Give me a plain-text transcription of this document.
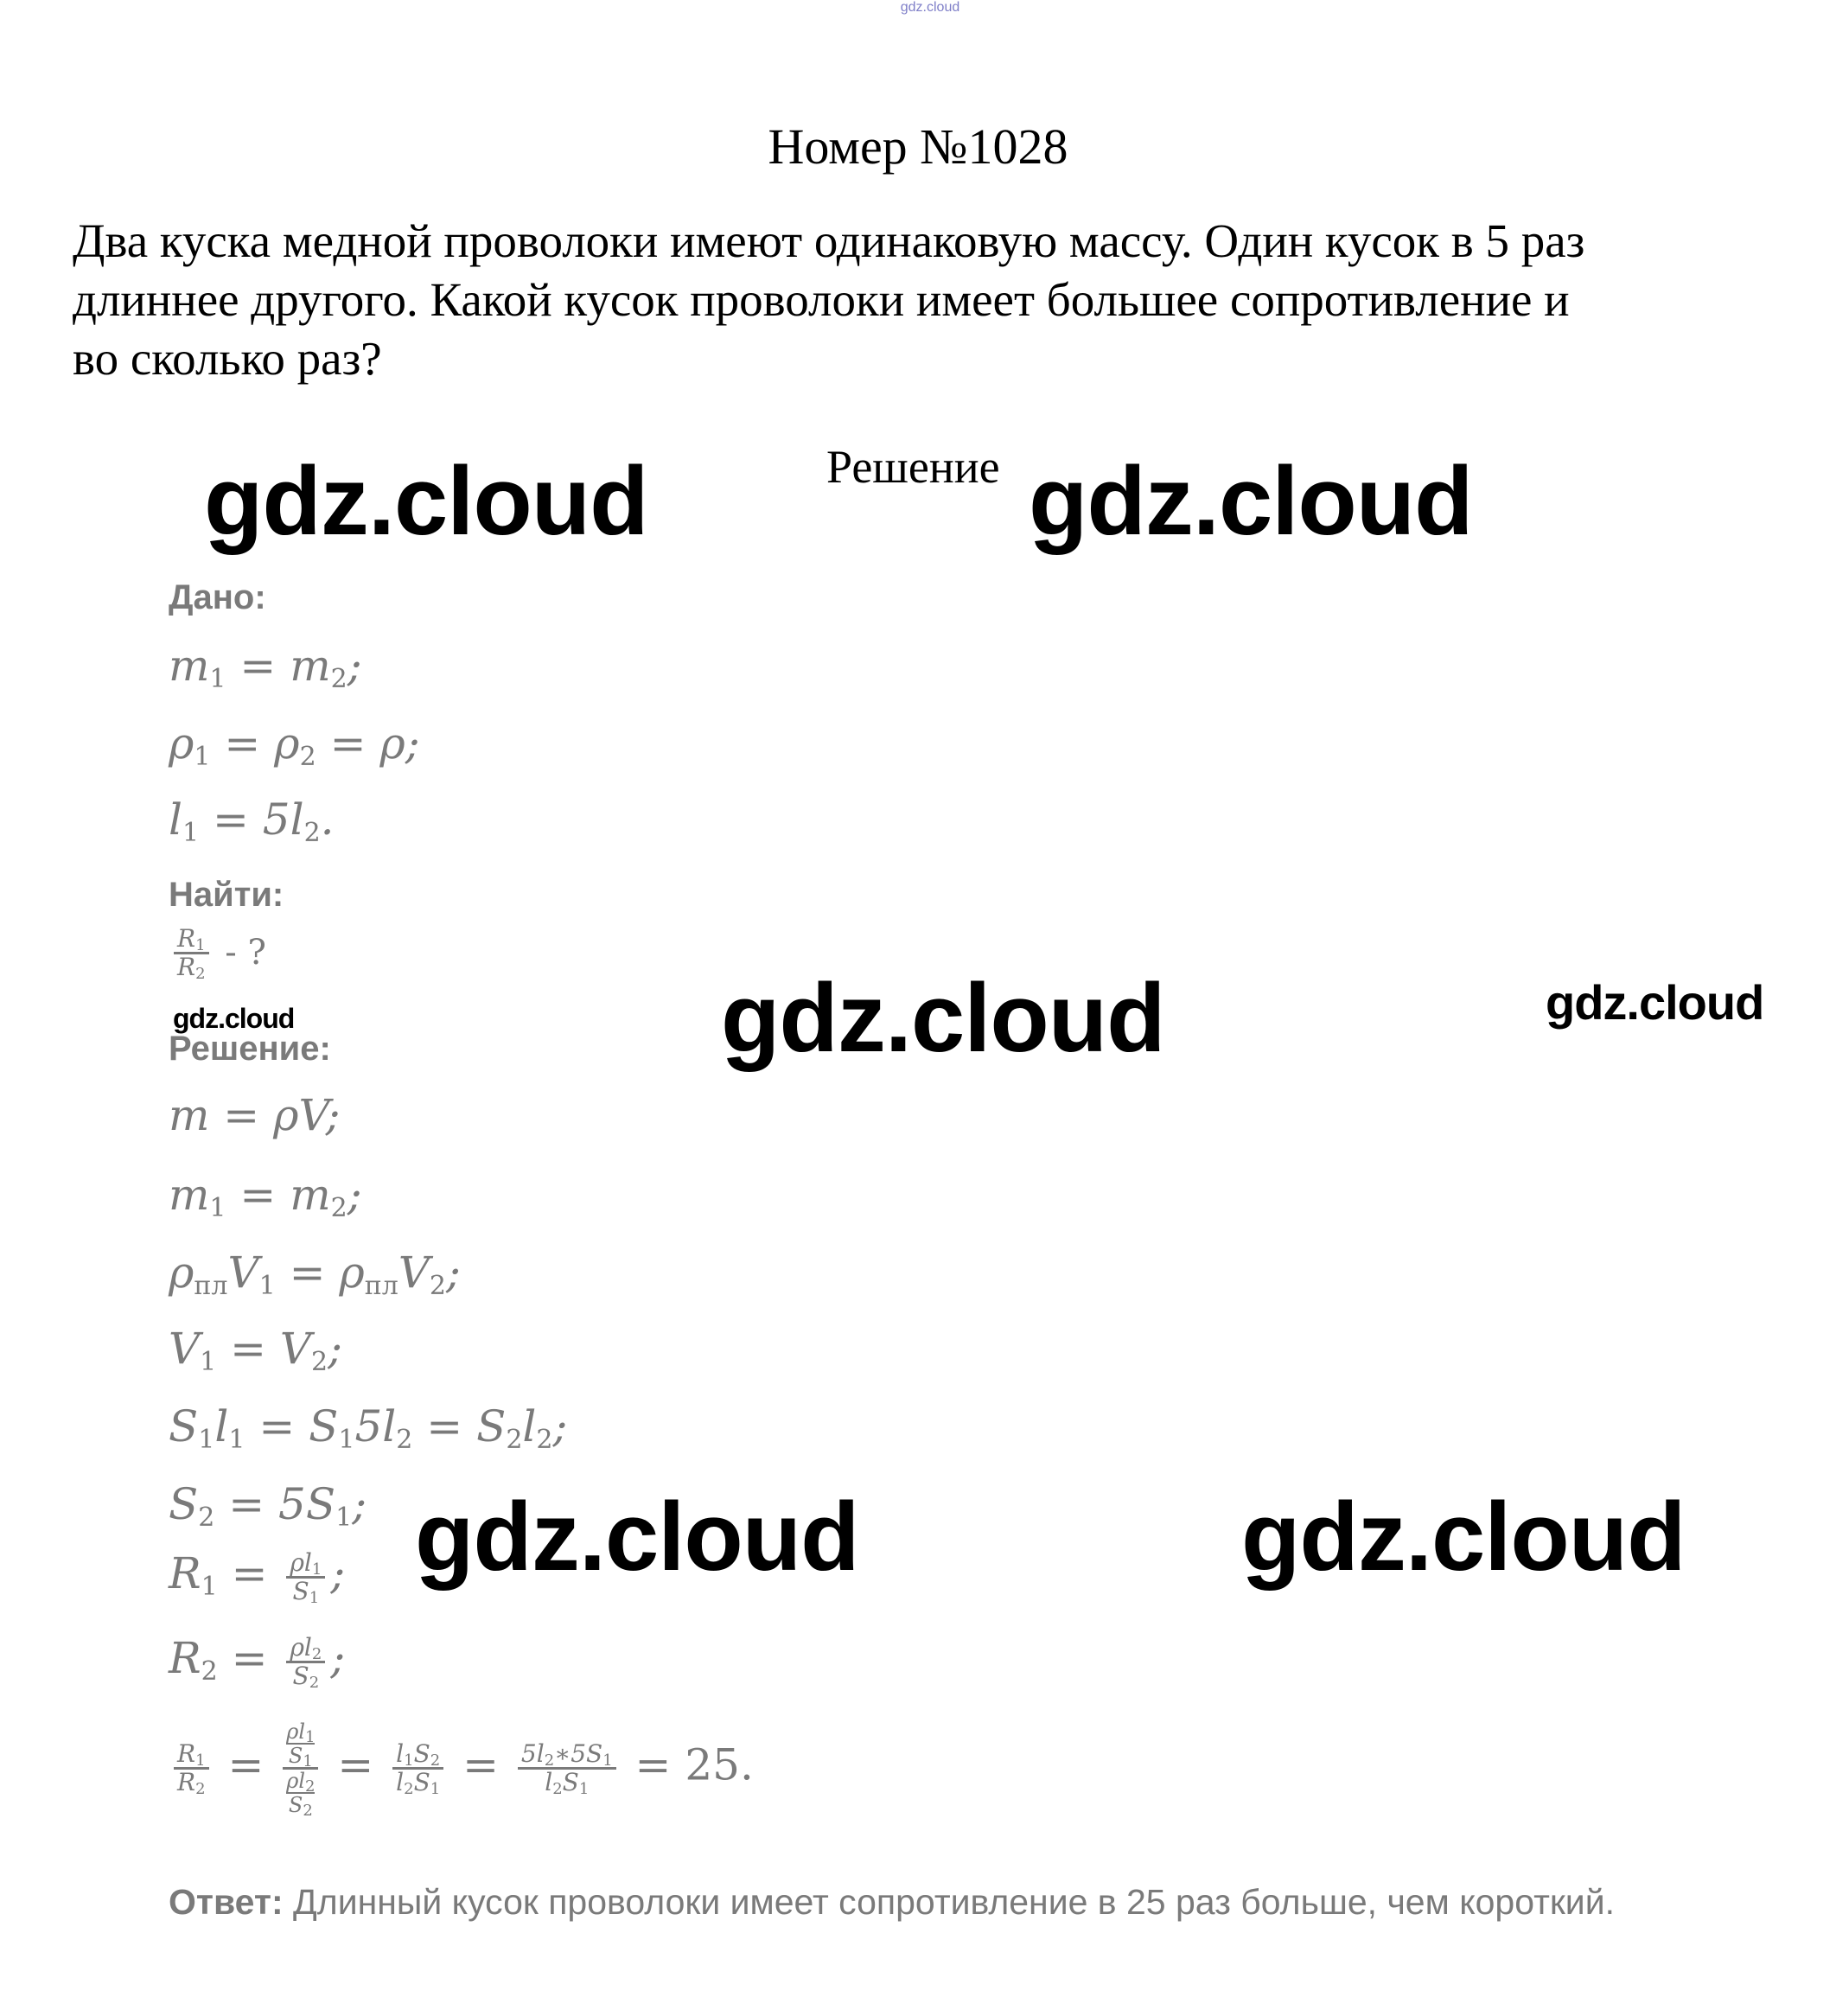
gdz.cloud
Номер №1028
Два куска медной проволоки имеют одинаковую массу. Один кусок в 5 раз
длиннее другого. Какой кусок проволоки имеет большее сопротивление и
во сколько раз?
Решение
gdz.cloud	gdz.cloud
gdz.cloud	gdz.cloud
gdz.cloud
gdz.cloud	gdz.cloud
Дано:
$m_1 = m_2$;
$\rho_1 = \rho_2 = \rho$;
$l_1 = 5l_2$.
Найти:
$\frac{R_1}{R_2}$ - ?
Решение:
m = ρV;
$m_1 = m_2$;
$\rho_{пл}V_1 = \rho_{пл}V_2$;
$V_1 = V_2$;
$S_1l_1 = S_15l_2 = S_2l_2$;
$S_2 = 5S_1$;
$R_1 = \frac{\rho l_1}{S_1}$ ;
$R_2 = \frac{\rho l_2}{S_2}$ ;
$\frac{R_1}{R_2} = \rho l_1$
$S_1$
$\rho l_2$
$S_2 = \frac{l_1S_2}{l_2S_1} = \frac{5l_2∗5S_1}{l_2S_1} = 25$.
Ответ: Длинный кусок проволоки имеет сопротивление в 25 раз больше, чем короткий.
